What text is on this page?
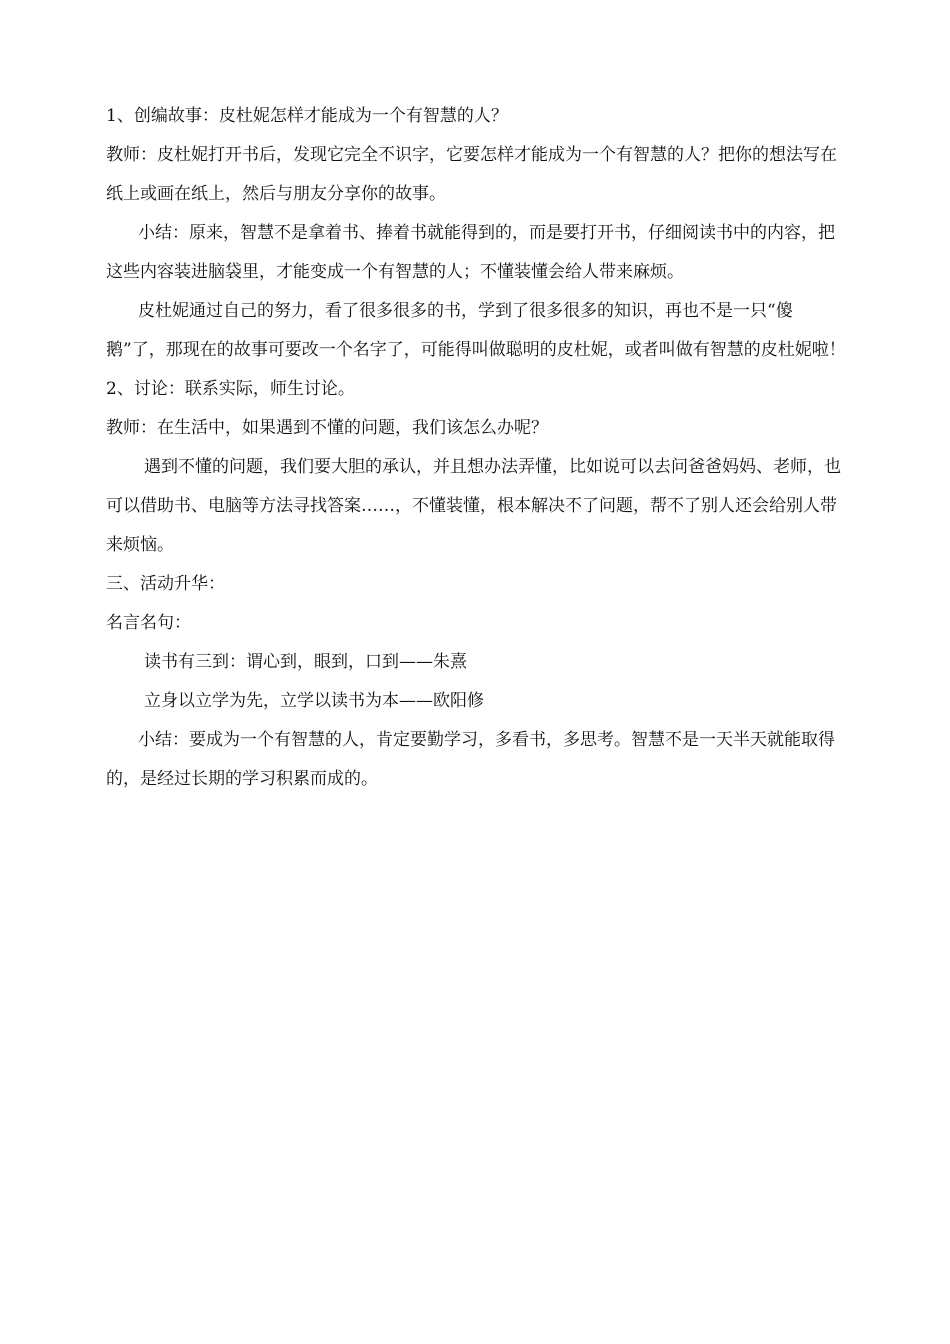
1、创编故事：皮杜妮怎样才能成为一个有智慧的人？

教师：皮杜妮打开书后，发现它完全不识字，它要怎样才能成为一个有智慧的人？把你的想法写在纸上或画在纸上，然后与朋友分享你的故事。

小结：原来，智慧不是拿着书、捧着书就能得到的，而是要打开书，仔细阅读书中的内容，把这些内容装进脑袋里，才能变成一个有智慧的人；不懂装懂会给人带来麻烦。

皮杜妮通过自己的努力，看了很多很多的书，学到了很多很多的知识，再也不是一只“傻鹅”了，那现在的故事可要改一个名字了，可能得叫做聪明的皮杜妮，或者叫做有智慧的皮杜妮啦！

2、讨论：联系实际，师生讨论。

教师：在生活中，如果遇到不懂的问题，我们该怎么办呢？

遇到不懂的问题，我们要大胆的承认，并且想办法弄懂，比如说可以去问爸爸妈妈、老师，也可以借助书、电脑等方法寻找答案……，不懂装懂，根本解决不了问题，帮不了别人还会给别人带来烦恼。

三、活动升华：

名言名句：

读书有三到：谓心到，眼到，口到——朱熹

立身以立学为先，立学以读书为本——欧阳修

小结：要成为一个有智慧的人，肯定要勤学习，多看书，多思考。智慧不是一天半天就能取得的，是经过长期的学习积累而成的。
